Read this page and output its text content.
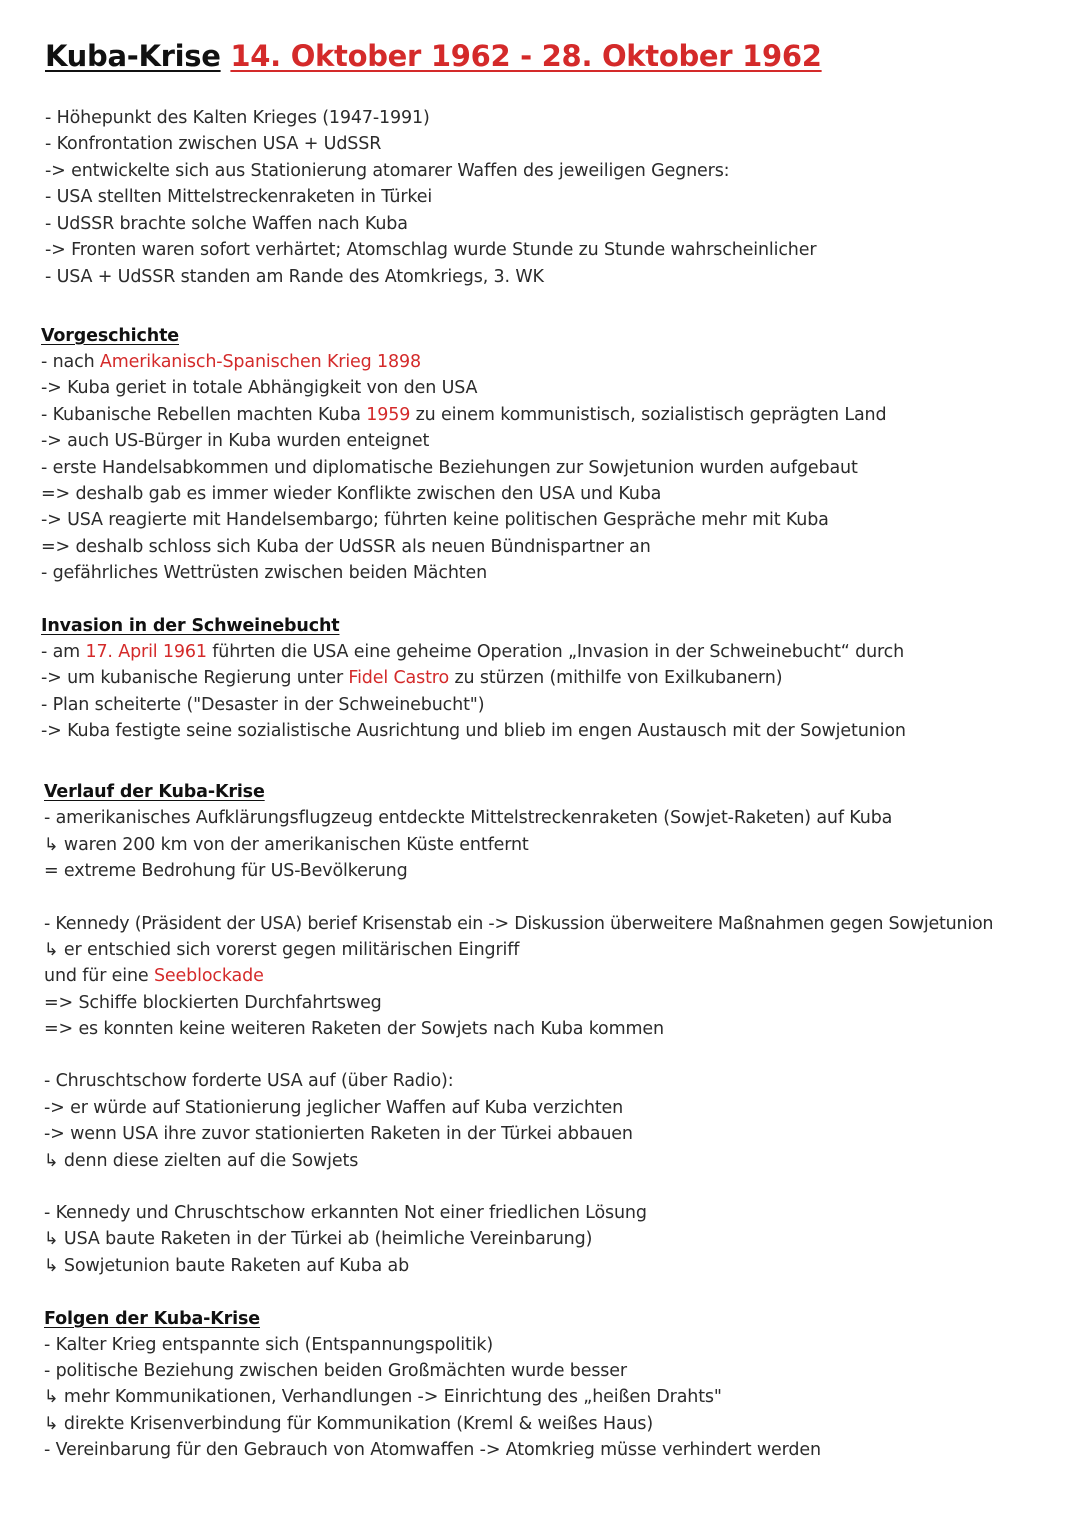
Kuba-Krise 14. Oktober 1962 - 28. Oktober 1962
- Höhepunkt des Kalten Krieges (1947-1991)
- Konfrontation zwischen USA + UdSSR
-> entwickelte sich aus Stationierung atomarer Waffen des jeweiligen Gegners:
- USA stellten Mittelstreckenraketen in Türkei
- UdSSR brachte solche Waffen nach Kuba
-> Fronten waren sofort verhärtet; Atomschlag wurde Stunde zu Stunde wahrscheinlicher
- USA + UdSSR standen am Rande des Atomkriegs, 3. WK
Vorgeschichte
- nach Amerikanisch-Spanischen Krieg 1898
-> Kuba geriet in totale Abhängigkeit von den USA
- Kubanische Rebellen machten Kuba 1959 zu einem kommunistisch, sozialistisch geprägten Land
-> auch US-Bürger in Kuba wurden enteignet
- erste Handelsabkommen und diplomatische Beziehungen zur Sowjetunion wurden aufgebaut
=> deshalb gab es immer wieder Konflikte zwischen den USA und Kuba
-> USA reagierte mit Handelsembargo; führten keine politischen Gespräche mehr mit Kuba
=> deshalb schloss sich Kuba der UdSSR als neuen Bündnispartner an
- gefährliches Wettrüsten zwischen beiden Mächten
Invasion in der Schweinebucht
- am 17. April 1961 führten die USA eine geheime Operation „Invasion in der Schweinebucht“ durch
-> um kubanische Regierung unter Fidel Castro zu stürzen (mithilfe von Exilkubanern)
- Plan scheiterte ("Desaster in der Schweinebucht")
-> Kuba festigte seine sozialistische Ausrichtung und blieb im engen Austausch mit der Sowjetunion
Verlauf der Kuba-Krise
- amerikanisches Aufklärungsflugzeug entdeckte Mittelstreckenraketen (Sowjet-Raketen) auf Kuba
↳ waren 200 km von der amerikanischen Küste entfernt
= extreme Bedrohung für US-Bevölkerung
- Kennedy (Präsident der USA) berief Krisenstab ein -> Diskussion überweitere Maßnahmen gegen Sowjetunion
↳ er entschied sich vorerst gegen militärischen Eingriff
und für eine Seeblockade
=> Schiffe blockierten Durchfahrtsweg
=> es konnten keine weiteren Raketen der Sowjets nach Kuba kommen
- Chruschtschow forderte USA auf (über Radio):
-> er würde auf Stationierung jeglicher Waffen auf Kuba verzichten
-> wenn USA ihre zuvor stationierten Raketen in der Türkei abbauen
↳ denn diese zielten auf die Sowjets
- Kennedy und Chruschtschow erkannten Not einer friedlichen Lösung
↳ USA baute Raketen in der Türkei ab (heimliche Vereinbarung)
↳ Sowjetunion baute Raketen auf Kuba ab
Folgen der Kuba-Krise
- Kalter Krieg entspannte sich (Entspannungspolitik)
- politische Beziehung zwischen beiden Großmächten wurde besser
↳ mehr Kommunikationen, Verhandlungen -> Einrichtung des „heißen Drahts"
↳ direkte Krisenverbindung für Kommunikation (Kreml & weißes Haus)
- Vereinbarung für den Gebrauch von Atomwaffen -> Atomkrieg müsse verhindert werden
